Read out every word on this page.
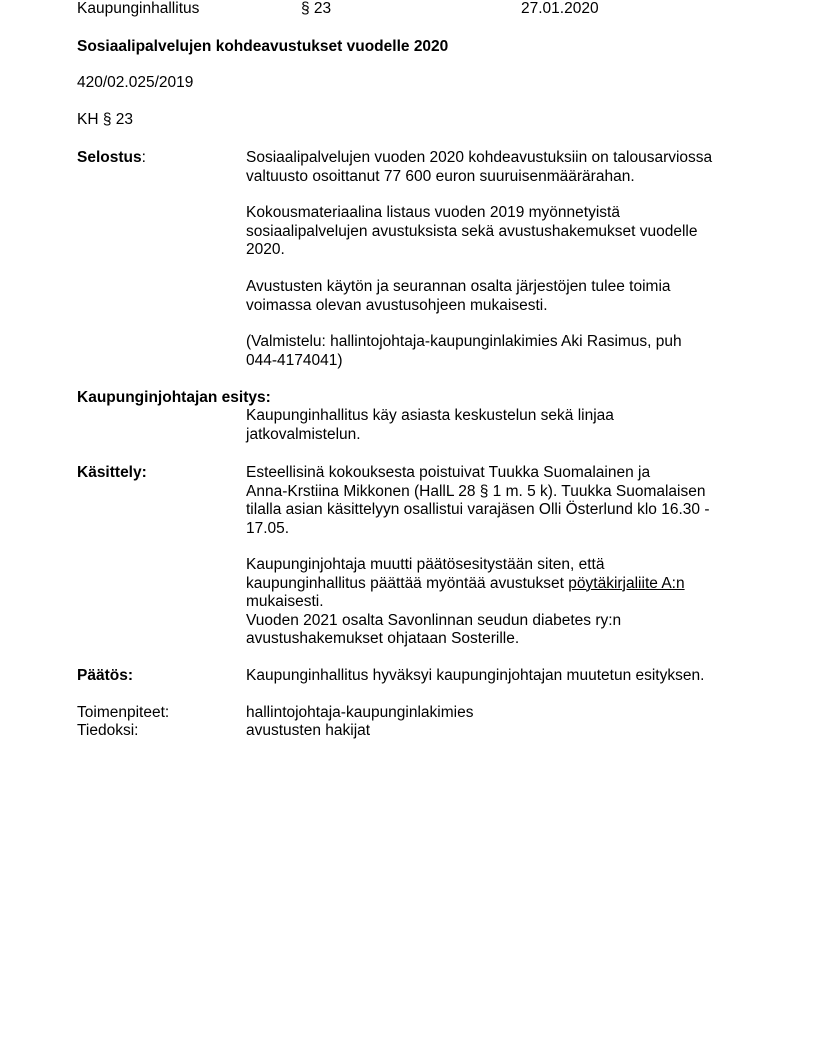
Kaupunginhallitus	§ 23	27.01.2020
Sosiaalipalvelujen kohdeavustukset vuodelle 2020
420/02.025/2019
KH § 23
Selostus:	Sosiaalipalvelujen vuoden 2020 kohdeavustuksiin on talousarviossa
valtuusto osoittanut 77 600 euron suuruisenmäärärahan.
Kokousmateriaalina listaus vuoden 2019 myönnetyistä
sosiaalipalvelujen avustuksista sekä avustushakemukset vuodelle
2020.
Avustusten käytön ja seurannan osalta järjestöjen tulee toimia
voimassa olevan avustusohjeen mukaisesti.
(Valmistelu: hallintojohtaja-kaupunginlakimies Aki Rasimus, puh
044-4174041)
Kaupunginjohtajan esitys:
Kaupunginhallitus käy asiasta keskustelun sekä linjaa
jatkovalmistelun.
Käsittely:	Esteellisinä kokouksesta poistuivat Tuukka Suomalainen ja
Anna-Krstiina Mikkonen (HallL 28 § 1 m. 5 k). Tuukka Suomalaisen
tilalla asian käsittelyyn osallistui varajäsen Olli Österlund klo 16.30 -
17.05.
Kaupunginjohtaja muutti päätösesitystään siten, että
kaupunginhallitus päättää myöntää avustukset pöytäkirjaliite A:n
mukaisesti.
Vuoden 2021 osalta Savonlinnan seudun diabetes ry:n
avustushakemukset ohjataan Sosterille.
Päätös:	Kaupunginhallitus hyväksyi kaupunginjohtajan muutetun esityksen.
Toimenpiteet:	hallintojohtaja-kaupunginlakimies
Tiedoksi:	avustusten hakijat
